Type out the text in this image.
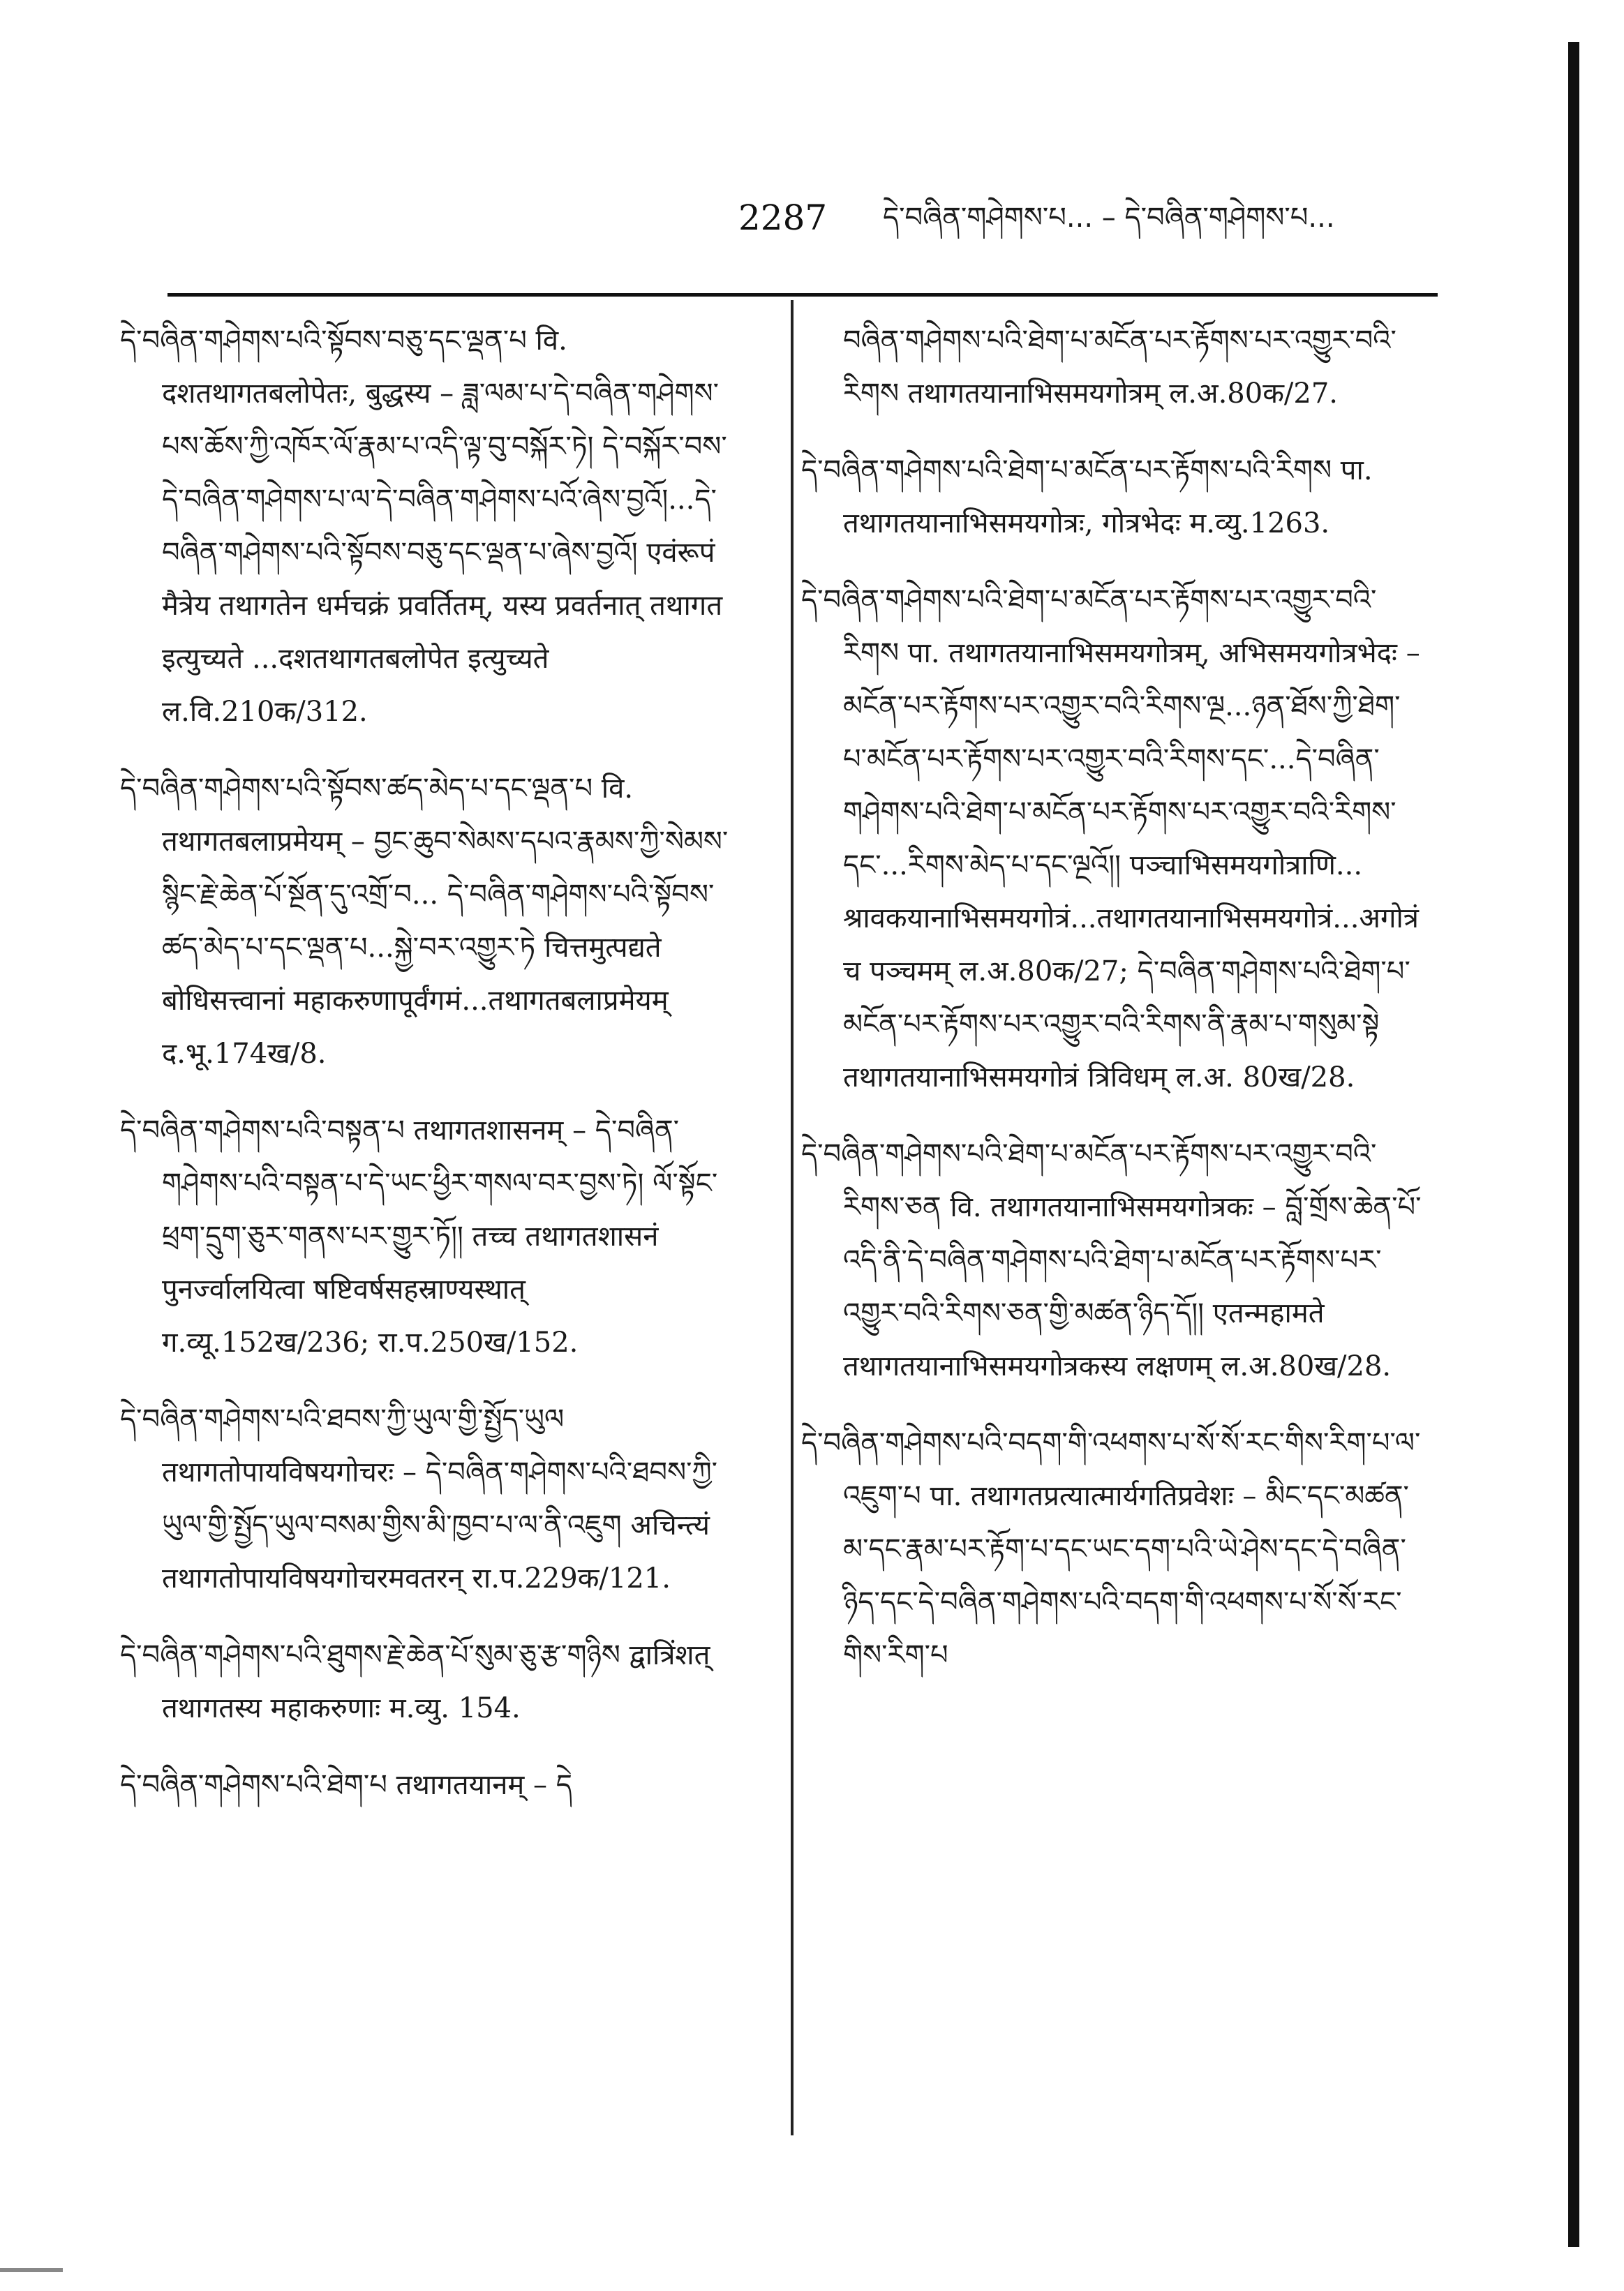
2287 དེ་བཞིན་གཤེགས་པ... – དེ་བཞིན་གཤེགས་པ...

དེ་བཞིན་གཤེགས་པའི་སྟོབས་བཅུ་དང་ལྡན་པ वि. दशतथागतबलोपेतः, बुद्धस्य – ཟླ་ལམ་པ་དེ་བཞིན་གཤེགས་པས་ཆོས་ཀྱི་འཁོར་ལོ་རྣམ་པ་འདི་ལྟ་བུ་བསྐོར་ཏེ། དེ་བསྐོར་བས་དེ་བཞིན་གཤེགས་པ་ལ་དེ་བཞིན་གཤེགས་པའོ་ཞེས་བྱའོ།...དེ་བཞིན་གཤེགས་པའི་སྟོབས་བཅུ་དང་ལྡན་པ་ཞེས་བྱའོ། एवंरूपं मैत्रेय तथागतेन धर्मचक्रं प्रवर्तितम्, यस्य प्रवर्तनात् तथागत इत्युच्यते ...दशतथागतबलोपेत इत्युच्यते ल.वि.210क/312.

དེ་བཞིན་གཤེགས་པའི་སྟོབས་ཚད་མེད་པ་དང་ལྡན་པ वि. तथागतबलाप्रमेयम् – བྱང་ཆུབ་སེམས་དཔའ་རྣམས་ཀྱི་སེམས་སྙིང་རྗེ་ཆེན་པོ་སྔོན་དུ་འགྲོ་བ... དེ་བཞིན་གཤེགས་པའི་སྟོབས་ཚད་མེད་པ་དང་ལྡན་པ...སྐྱེ་བར་འགྱུར་ཏེ चित्तमुत्पद्यते बोधिसत्त्वानां महाकरुणापूर्वंगमं...तथागतबलाप्रमेयम् द.भू.174ख/8.

དེ་བཞིན་གཤེགས་པའི་བསྟན་པ तथागतशासनम् – དེ་བཞིན་གཤེགས་པའི་བསྟན་པ་དེ་ཡང་ཕྱིར་གསལ་བར་བྱས་ཏེ། ལོ་སྟོང་ཕྲག་དྲུག་ཅུར་གནས་པར་གྱུར་ཏོ།། तच्च तथागतशासनं पुनर्ज्वालयित्वा षष्टिवर्षसहस्राण्यस्थात् ग.व्यू.152ख/236; रा.प.250ख/152.

དེ་བཞིན་གཤེགས་པའི་ཐབས་ཀྱི་ཡུལ་གྱི་སྤྱོད་ཡུལ तथागतोपायविषयगोचरः – དེ་བཞིན་གཤེགས་པའི་ཐབས་ཀྱི་ཡུལ་གྱི་སྤྱོད་ཡུལ་བསམ་གྱིས་མི་ཁྱབ་པ་ལ་ནི་འཇུག अचिन्त्यं तथागतोपायविषयगोचरमवतरन् रा.प.229क/121.

དེ་བཞིན་གཤེགས་པའི་ཐུགས་རྗེ་ཆེན་པོ་སུམ་ཅུ་རྩ་གཉིས द्वात्रिंशत् तथागतस्य महाकरुणाः म.व्यु. 154.

དེ་བཞིན་གཤེགས་པའི་ཐེག་པ तथागतयानम् – དེ

བཞིན་གཤེགས་པའི་ཐེག་པ་མངོན་པར་རྟོགས་པར་འགྱུར་བའི་རིགས तथागतयानाभिसमयगोत्रम् ल.अ.80क/27.

དེ་བཞིན་གཤེགས་པའི་ཐེག་པ་མངོན་པར་རྟོགས་པའི་རིགས पा. तथागतयानाभिसमयगोत्रः, गोत्रभेदः म.व्यु.1263.

དེ་བཞིན་གཤེགས་པའི་ཐེག་པ་མངོན་པར་རྟོགས་པར་འགྱུར་བའི་རིགས पा. तथागतयानाभिसमयगोत्रम्, अभिसमयगोत्रभेदः – མངོན་པར་རྟོགས་པར་འགྱུར་བའི་རིགས་ལྔ...ཉན་ཐོས་ཀྱི་ཐེག་པ་མངོན་པར་རྟོགས་པར་འགྱུར་བའི་རིགས་དང་...དེ་བཞིན་གཤེགས་པའི་ཐེག་པ་མངོན་པར་རྟོགས་པར་འགྱུར་བའི་རིགས་དང་...རིགས་མེད་པ་དང་ལྔའོ།། पञ्चाभिसमयगोत्राणि... श्रावकयानाभिसमयगोत्रं...तथागतयानाभिसमयगोत्रं...अगोत्रं च पञ्चमम् ल.अ.80क/27; དེ་བཞིན་གཤེགས་པའི་ཐེག་པ་མངོན་པར་རྟོགས་པར་འགྱུར་བའི་རིགས་ནི་རྣམ་པ་གསུམ་སྟེ तथागतयानाभिसमयगोत्रं त्रिविधम् ल.अ. 80ख/28.

དེ་བཞིན་གཤེགས་པའི་ཐེག་པ་མངོན་པར་རྟོགས་པར་འགྱུར་བའི་རིགས་ཅན वि. तथागतयानाभिसमयगोत्रकः – བློ་གྲོས་ཆེན་པོ་འདི་ནི་དེ་བཞིན་གཤེགས་པའི་ཐེག་པ་མངོན་པར་རྟོགས་པར་འགྱུར་བའི་རིགས་ཅན་གྱི་མཚན་ཉིད་དོ།། एतन्महामते तथागतयानाभिसमयगोत्रकस्य लक्षणम् ल.अ.80ख/28.

དེ་བཞིན་གཤེགས་པའི་བདག་གི་འཕགས་པ་སོ་སོ་རང་གིས་རིག་པ་ལ་འཇུག་པ पा. तथागतप्रत्यात्मार्यगतिप्रवेशः – མིང་དང་མཚན་མ་དང་རྣམ་པར་རྟོག་པ་དང་ཡང་དག་པའི་ཡེ་ཤེས་དང་དེ་བཞིན་ཉིད་དང་དེ་བཞིན་གཤེགས་པའི་བདག་གི་འཕགས་པ་སོ་སོ་རང་གིས་རིག་པ
